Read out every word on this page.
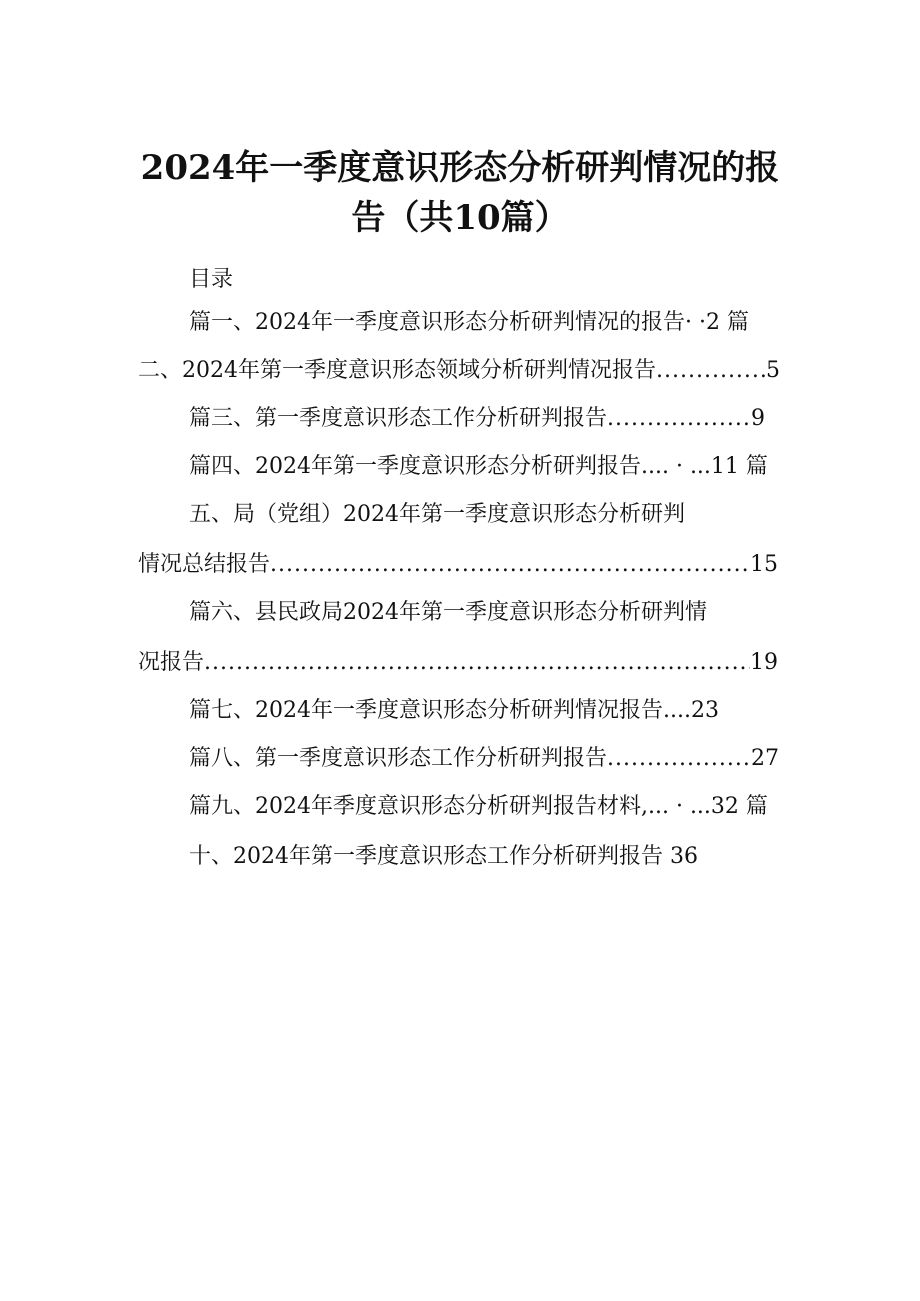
2024年一季度意识形态分析研判情况的报
告（共10篇）
目录
篇一、2024年一季度意识形态分析研判情况的报告· ·2 篇
二、2024年第一季度意识形态领域分析研判情况报告 .....	5
篇三、第一季度意识形态工作分析研判报告 .....	9
篇四、2024年第一季度意识形态分析研判报告.... · ...11 篇
五、局（党组）2024年第一季度意识形态分析研判
情况总结报告 .....	15
篇六、县民政局2024年第一季度意识形态分析研判情
况报告 .....	19
篇七、2024年一季度意识形态分析研判情况报告....23
篇八、第一季度意识形态工作分析研判报告 .....	27
篇九、2024年季度意识形态分析研判报告材料,... · ...32 篇
十、2024年第一季度意识形态工作分析研判报告 36
